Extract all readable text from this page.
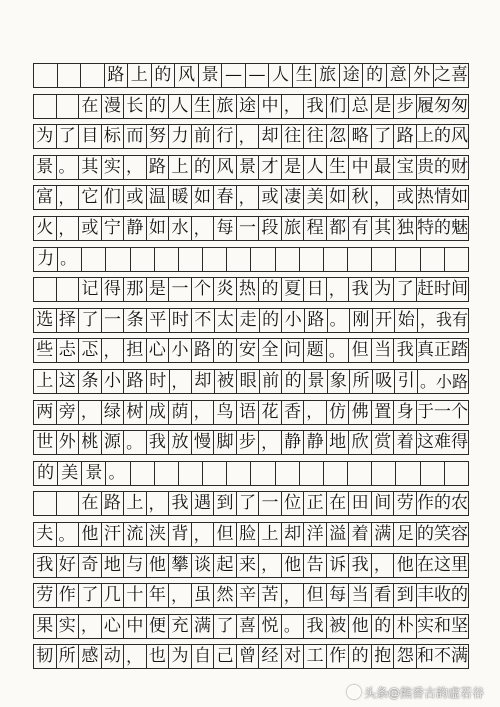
路 上 的 风 景 — — 人 生 旅 途 的 意 外 之喜
在 漫 长 的 人 生 旅 途 中 ， 我 们 总 是 步 履匆匆
为 了 目 标 而 努 力 前 行 ， 却 往 往 忽 略 了 路 上的风
景 。 其 实 ， 路 上 的 风 景 才 是 人 生 中 最 宝 贵的财
富 ， 它 们 或 温 暖 如 春 ， 或 凄 美 如 秋 ， 或 热情如
火 ， 或 宁 静 如 水 ， 每 一 段 旅 程 都 有 其 独 特的魅
力 。
记 得 那 是 一 个 炎 热 的 夏 日 ， 我 为 了 赶时间
选 择 了 一 条 平 时 不 太 走 的 小 路 。 刚 开 始 ，我有
些 忐 忑 ， 担 心 小 路 的 安 全 问 题 。 但 当 我 真正踏
上 这 条 小 路 时 ， 却 被 眼 前 的 景 象 所 吸 引 。小路
两 旁 ， 绿 树 成 荫 ， 鸟 语 花 香 ， 仿 佛 置 身 于一个
世 外 桃 源 。 我 放 慢 脚 步 ， 静 静 地 欣 赏 着 这难得
的 美 景 。
在 路 上 ， 我 遇 到 了 一 位 正 在 田 间 劳 作的农
夫 。 他 汗 流 浃 背 ， 但 脸 上 却 洋 溢 着 满 足 的笑容
我 好 奇 地 与 他 攀 谈 起 来 ， 他 告 诉 我 ， 他 在这里
劳 作 了 几 十 年 ， 虽 然 辛 苦 ， 但 每 当 看 到 丰收的
果 实 ， 心 中 便 充 满 了 喜 悦 。 我 被 他 的 朴 实和坚
韧 所 感 动 ， 也 为 自 己 曾 经 对 工 作 的 抱 怨 和不满
头条@熊香古韵虚若谷
